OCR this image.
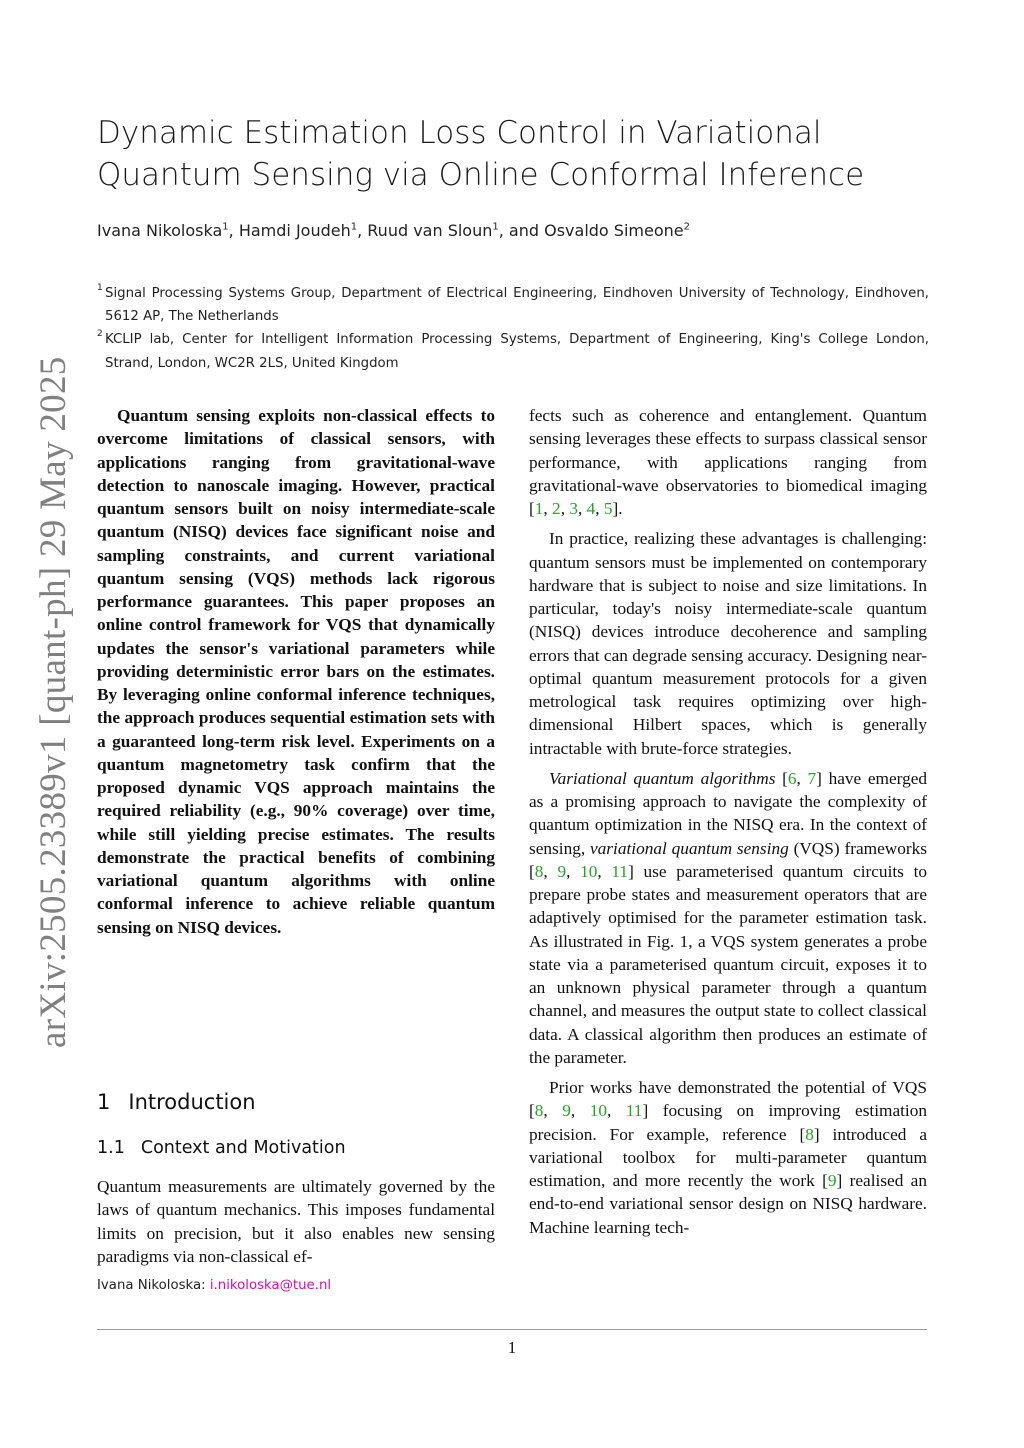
arXiv:2505.23389v1 [quant-ph] 29 May 2025
Dynamic Estimation Loss Control in Variational Quantum Sensing via Online Conformal Inference
Ivana Nikoloska$^1$, Hamdi Joudeh$^1$, Ruud van Sloun$^1$, and Osvaldo Simeone$^2$
1 Signal Processing Systems Group, Department of Electrical Engineering, Eindhoven University of Technology, Eindhoven, 5612 AP, The Netherlands
2 KCLIP lab, Center for Intelligent Information Processing Systems, Department of Engineering, King's College London, Strand, London, WC2R 2LS, United Kingdom

Quantum sensing exploits non-classical effects to overcome limitations of classical sensors, with applications ranging from gravitational-wave detection to nanoscale imaging. However, practical quantum sensors built on noisy intermediate-scale quantum (NISQ) devices face significant noise and sampling constraints, and current variational quantum sensing (VQS) methods lack rigorous performance guarantees. This paper proposes an online control framework for VQS that dynamically updates the sensor's variational parameters while providing deterministic error bars on the estimates. By leveraging online conformal inference techniques, the approach produces sequential estimation sets with a guaranteed long-term risk level. Experiments on a quantum magnetometry task confirm that the proposed dynamic VQS approach maintains the required reliability (e.g., 90% coverage) over time, while still yielding precise estimates. The results demonstrate the practical benefits of combining variational quantum algorithms with online conformal inference to achieve reliable quantum sensing on NISQ devices.

1 Introduction
1.1 Context and Motivation

Quantum measurements are ultimately governed by the laws of quantum mechanics. This imposes fundamental limits on precision, but it also enables new sensing paradigms via non-classical ef-

Ivana Nikoloska: i.nikoloska@tue.nl

fects such as coherence and entanglement. Quantum sensing leverages these effects to surpass classical sensor performance, with applications ranging from gravitational-wave observatories to biomedical imaging [1, 2, 3, 4, 5].

In practice, realizing these advantages is challenging: quantum sensors must be implemented on contemporary hardware that is subject to noise and size limitations. In particular, today's noisy intermediate-scale quantum (NISQ) devices introduce decoherence and sampling errors that can degrade sensing accuracy. Designing near-optimal quantum measurement protocols for a given metrological task requires optimizing over high-dimensional Hilbert spaces, which is generally intractable with brute-force strategies.

Variational quantum algorithms [6, 7] have emerged as a promising approach to navigate the complexity of quantum optimization in the NISQ era. In the context of sensing, variational quantum sensing (VQS) frameworks [8, 9, 10, 11] use parameterised quantum circuits to prepare probe states and measurement operators that are adaptively optimised for the parameter estimation task. As illustrated in Fig. 1, a VQS system generates a probe state via a parameterised quantum circuit, exposes it to an unknown physical parameter through a quantum channel, and measures the output state to collect classical data. A classical algorithm then produces an estimate of the parameter.

Prior works have demonstrated the potential of VQS [8, 9, 10, 11] focusing on improving estimation precision. For example, reference [8] introduced a variational toolbox for multi-parameter quantum estimation, and more recently the work [9] realised an end-to-end variational sensor design on NISQ hardware. Machine learning tech-

1
